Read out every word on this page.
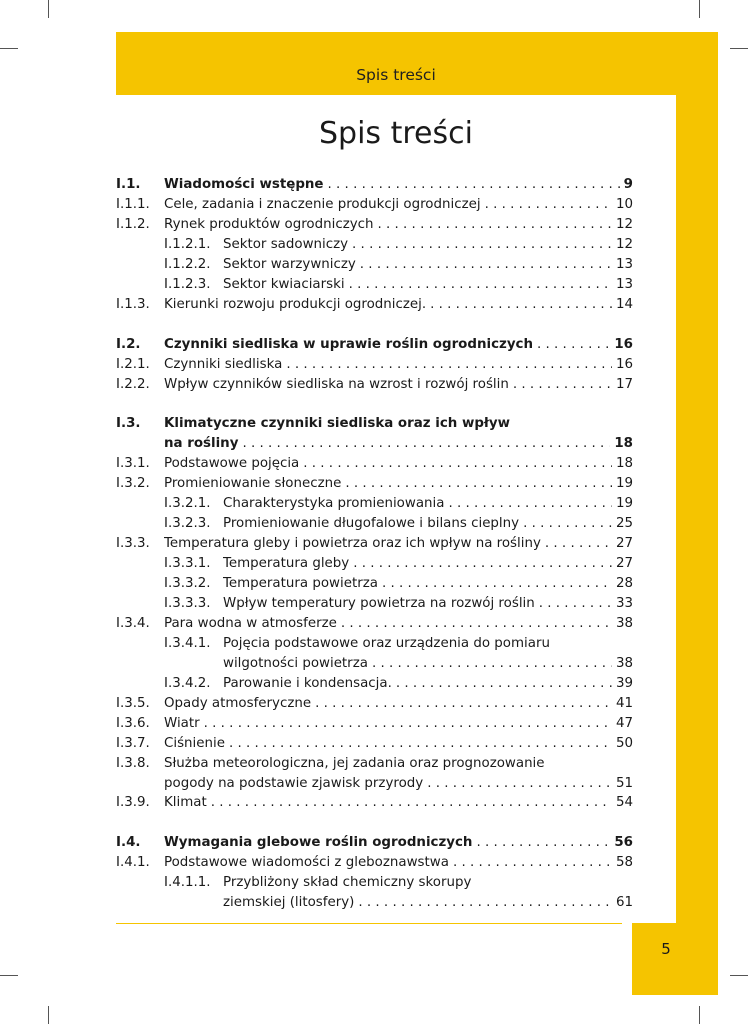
Spis treści
Spis treści
I.1. Wiadomości wstępne . . .	9
I.1.1. Cele, zadania i znaczenie produkcji ogrodniczej . . .	10
I.1.2. Rynek produktów ogrodniczych . . .	12
I.1.2.1. Sektor sadowniczy . . .	12
I.1.2.2. Sektor warzywniczy . . .	13
I.1.2.3. Sektor kwiaciarski . . .	13
I.1.3. Kierunki rozwoju produkcji ogrodniczej. . . .	14
I.2. Czynniki siedliska w uprawie roślin ogrodniczych . . .	16
I.2.1. Czynniki siedliska . . .	16
I.2.2. Wpływ czynników siedliska na wzrost i rozwój roślin . . .	17
I.3. Klimatyczne czynniki siedliska oraz ich wpływ
na rośliny . . .	18
I.3.1. Podstawowe pojęcia . . .	18
I.3.2. Promieniowanie słoneczne . . .	19
I.3.2.1. Charakterystyka promieniowania . . .	19
I.3.2.3. Promieniowanie długofalowe i bilans cieplny . . .	25
I.3.3. Temperatura gleby i powietrza oraz ich wpływ na rośliny . . .	27
I.3.3.1. Temperatura gleby . . .	27
I.3.3.2. Temperatura powietrza . . .	28
I.3.3.3. Wpływ temperatury powietrza na rozwój roślin . . .	33
I.3.4. Para wodna w atmosferze . . .	38
I.3.4.1. Pojęcia podstawowe oraz urządzenia do pomiaru
wilgotności powietrza . . .	38
I.3.4.2. Parowanie i kondensacja. . . .	39
I.3.5. Opady atmosferyczne . . .	41
I.3.6. Wiatr . . .	47
I.3.7. Ciśnienie . . .	50
I.3.8. Służba meteorologiczna, jej zadania oraz prognozowanie
pogody na podstawie zjawisk przyrody . . .	51
I.3.9. Klimat . . .	54
I.4. Wymagania glebowe roślin ogrodniczych . . .	56
I.4.1. Podstawowe wiadomości z gleboznawstwa . . .	58
I.4.1.1. Przybliżony skład chemiczny skorupy
ziemskiej (litosfery) . . .	61
5
